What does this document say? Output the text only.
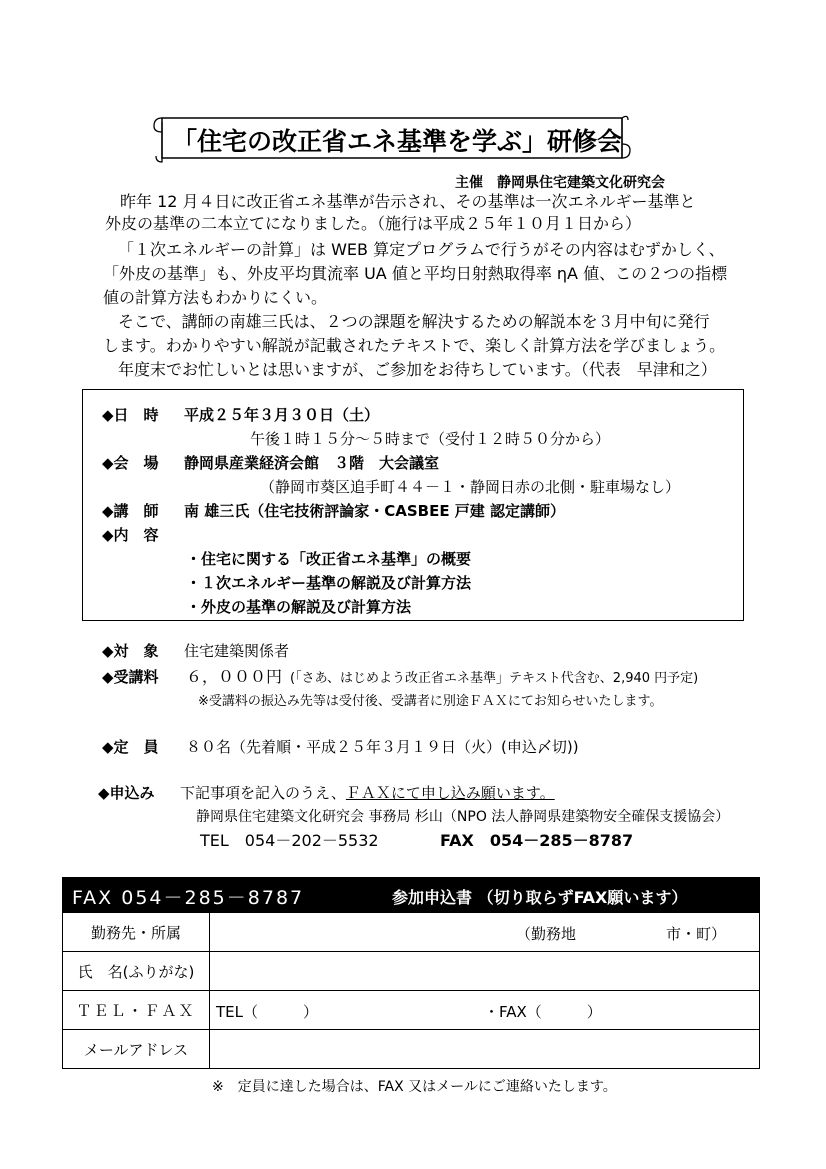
「住宅の改正省エネ基準を学ぶ」研修会
主催　静岡県住宅建築文化研究会
昨年 12 月４日に改正省エネ基準が告示され、その基準は一次エネルギー基準と
外皮の基準の二本立てになりました。（施行は平成２５年１０月１日から）
「１次エネルギーの計算」は WEB 算定プログラムで行うがその内容はむずかしく、
「外皮の基準」も、外皮平均貫流率 UA 値と平均日射熱取得率 ηA 値、この２つの指標
値の計算方法もわかりにくい。
そこで、講師の南雄三氏は、２つの課題を解決するための解説本を３月中旬に発行
します。わかりやすい解説が記載されたテキストで、楽しく計算方法を学びましょう。
年度末でお忙しいとは思いますが、ご参加をお待ちしています。（代表　早津和之）
◆日　時 平成２５年３月３０日（土）
午後１時１５分～５時まで（受付１２時５０分から）
◆会　場 静岡県産業経済会館　３階　大会議室
（静岡市葵区追手町４４－１・静岡日赤の北側・駐車場なし）
◆講　師 南 雄三氏（住宅技術評論家・CASBEE 戸建 認定講師）
◆内　容
・住宅に関する「改正省エネ基準」の概要
・１次エネルギー基準の解説及び計算方法
・外皮の基準の解説及び計算方法
◆対　象 住宅建築関係者
◆受講料 ６，０００円 (「さあ、はじめよう改正省エネ基準」テキスト代含む、2,940 円予定)
※受講料の振込み先等は受付後、受講者に別途ＦＡＸにてお知らせいたします。
◆定　員 ８０名（先着順・平成２５年３月１９日（火）(申込〆切))
◆申込み 下記事項を記入のうえ、ＦＡＸにて申し込み願います。
静岡県住宅建築文化研究会 事務局 杉山（NPO 法人静岡県建築物安全確保支援協会）
TEL　054－202－5532	FAX　054－285－8787
FAX 054－285－8787	参加申込書 （切り取らずFAX願います）
勤務先・所属	（勤務地　　　　　　市・町）

氏　名(ふりがな)	
ＴＥＬ・ＦＡＸ	TEL（　　　） ・FAX（　　　）

メールアドレス	
※　定員に達した場合は、FAX 又はメールにご連絡いたします。
